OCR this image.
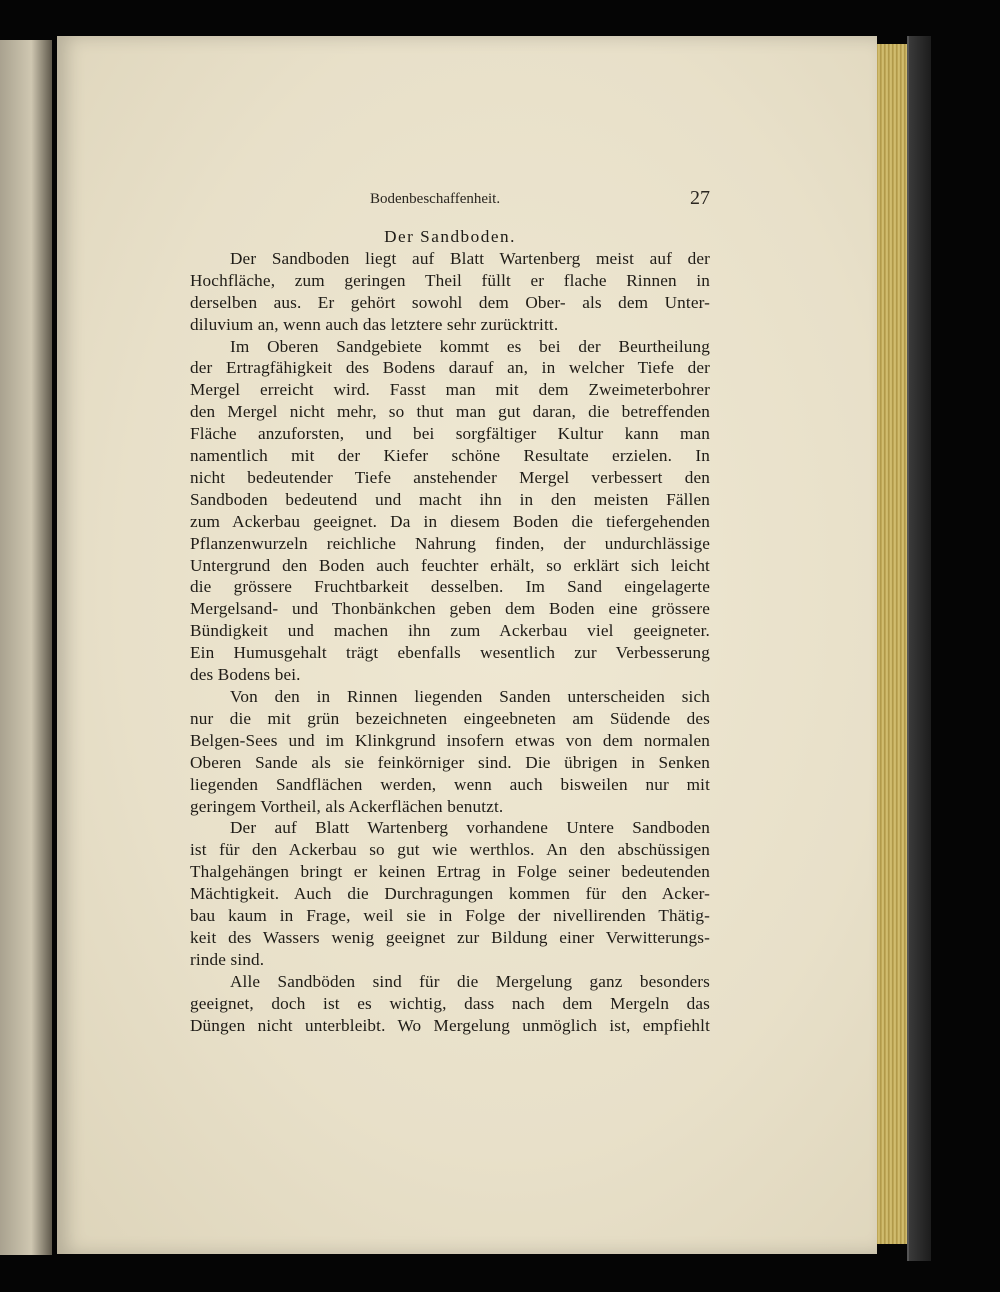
Bodenbeschaffenheit.	27
Der Sandboden.

Der Sandboden liegt auf Blatt Wartenberg meist auf der
Hochfläche, zum geringen Theil füllt er flache Rinnen in
derselben aus. Er gehört sowohl dem Ober- als dem Unter-
diluvium an, wenn auch das letztere sehr zurücktritt.

Im Oberen Sandgebiete kommt es bei der Beurtheilung
der Ertragfähigkeit des Bodens darauf an, in welcher Tiefe der
Mergel erreicht wird. Fasst man mit dem Zweimeterbohrer
den Mergel nicht mehr, so thut man gut daran, die betreffenden
Fläche anzuforsten, und bei sorgfältiger Kultur kann man
namentlich mit der Kiefer schöne Resultate erzielen. In
nicht bedeutender Tiefe anstehender Mergel verbessert den
Sandboden bedeutend und macht ihn in den meisten Fällen
zum Ackerbau geeignet. Da in diesem Boden die tiefergehenden
Pflanzenwurzeln reichliche Nahrung finden, der undurchlässige
Untergrund den Boden auch feuchter erhält, so erklärt sich leicht
die grössere Fruchtbarkeit desselben. Im Sand eingelagerte
Mergelsand- und Thonbänkchen geben dem Boden eine grössere
Bündigkeit und machen ihn zum Ackerbau viel geeigneter.
Ein Humusgehalt trägt ebenfalls wesentlich zur Verbesserung
des Bodens bei.

Von den in Rinnen liegenden Sanden unterscheiden sich
nur die mit grün bezeichneten eingeebneten am Südende des
Belgen-Sees und im Klinkgrund insofern etwas von dem normalen
Oberen Sande als sie feinkörniger sind. Die übrigen in Senken
liegenden Sandflächen werden, wenn auch bisweilen nur mit
geringem Vortheil, als Ackerflächen benutzt.

Der auf Blatt Wartenberg vorhandene Untere Sandboden
ist für den Ackerbau so gut wie werthlos. An den abschüssigen
Thalgehängen bringt er keinen Ertrag in Folge seiner bedeutenden
Mächtigkeit. Auch die Durchragungen kommen für den Acker-
bau kaum in Frage, weil sie in Folge der nivellirenden Thätig-
keit des Wassers wenig geeignet zur Bildung einer Verwitterungs-
rinde sind.

Alle Sandböden sind für die Mergelung ganz besonders
geeignet, doch ist es wichtig, dass nach dem Mergeln das
Düngen nicht unterbleibt. Wo Mergelung unmöglich ist, empfiehlt
